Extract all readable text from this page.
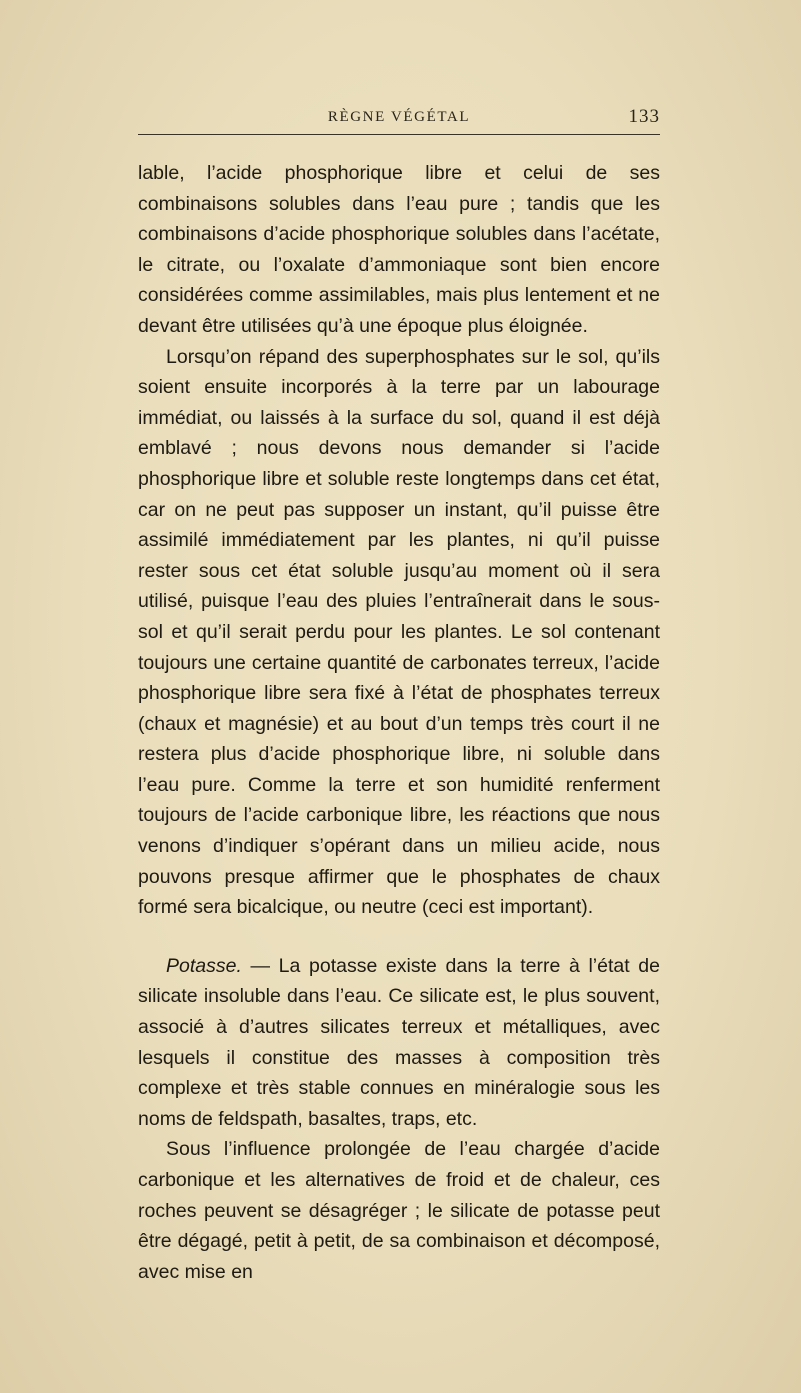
RÈGNE VÉGÉTAL	133

lable, l’acide phosphorique libre et celui de ses combinaisons solubles dans l’eau pure ; tandis que les combinaisons d’acide phosphorique solubles dans l’acétate, le citrate, ou l’oxalate d’ammoniaque sont bien encore considérées comme assimilables, mais plus lentement et ne devant être utilisées qu’à une époque plus éloignée.

Lorsqu’on répand des superphosphates sur le sol, qu’ils soient ensuite incorporés à la terre par un labourage immédiat, ou laissés à la surface du sol, quand il est déjà emblavé ; nous devons nous demander si l’acide phosphorique libre et soluble reste longtemps dans cet état, car on ne peut pas supposer un instant, qu’il puisse être assimilé immédiatement par les plantes, ni qu’il puisse rester sous cet état soluble jusqu’au moment où il sera utilisé, puisque l’eau des pluies l’entraînerait dans le sous-sol et qu’il serait perdu pour les plantes. Le sol contenant toujours une certaine quantité de carbonates terreux, l’acide phosphorique libre sera fixé à l’état de phosphates terreux (chaux et magnésie) et au bout d’un temps très court il ne restera plus d’acide phosphorique libre, ni soluble dans l’eau pure. Comme la terre et son humidité renferment toujours de l’acide carbonique libre, les réactions que nous venons d’indiquer s’opérant dans un milieu acide, nous pouvons presque affirmer que le phosphates de chaux formé sera bicalcique, ou neutre (ceci est important).

Potasse. — La potasse existe dans la terre à l’état de silicate insoluble dans l’eau. Ce silicate est, le plus souvent, associé à d’autres silicates terreux et métalliques, avec lesquels il constitue des masses à composition très complexe et très stable connues en minéralogie sous les noms de feldspath, basaltes, traps, etc.

Sous l’influence prolongée de l’eau chargée d’acide carbonique et les alternatives de froid et de chaleur, ces roches peuvent se désagréger ; le silicate de potasse peut être dégagé, petit à petit, de sa combinaison et décomposé, avec mise en
